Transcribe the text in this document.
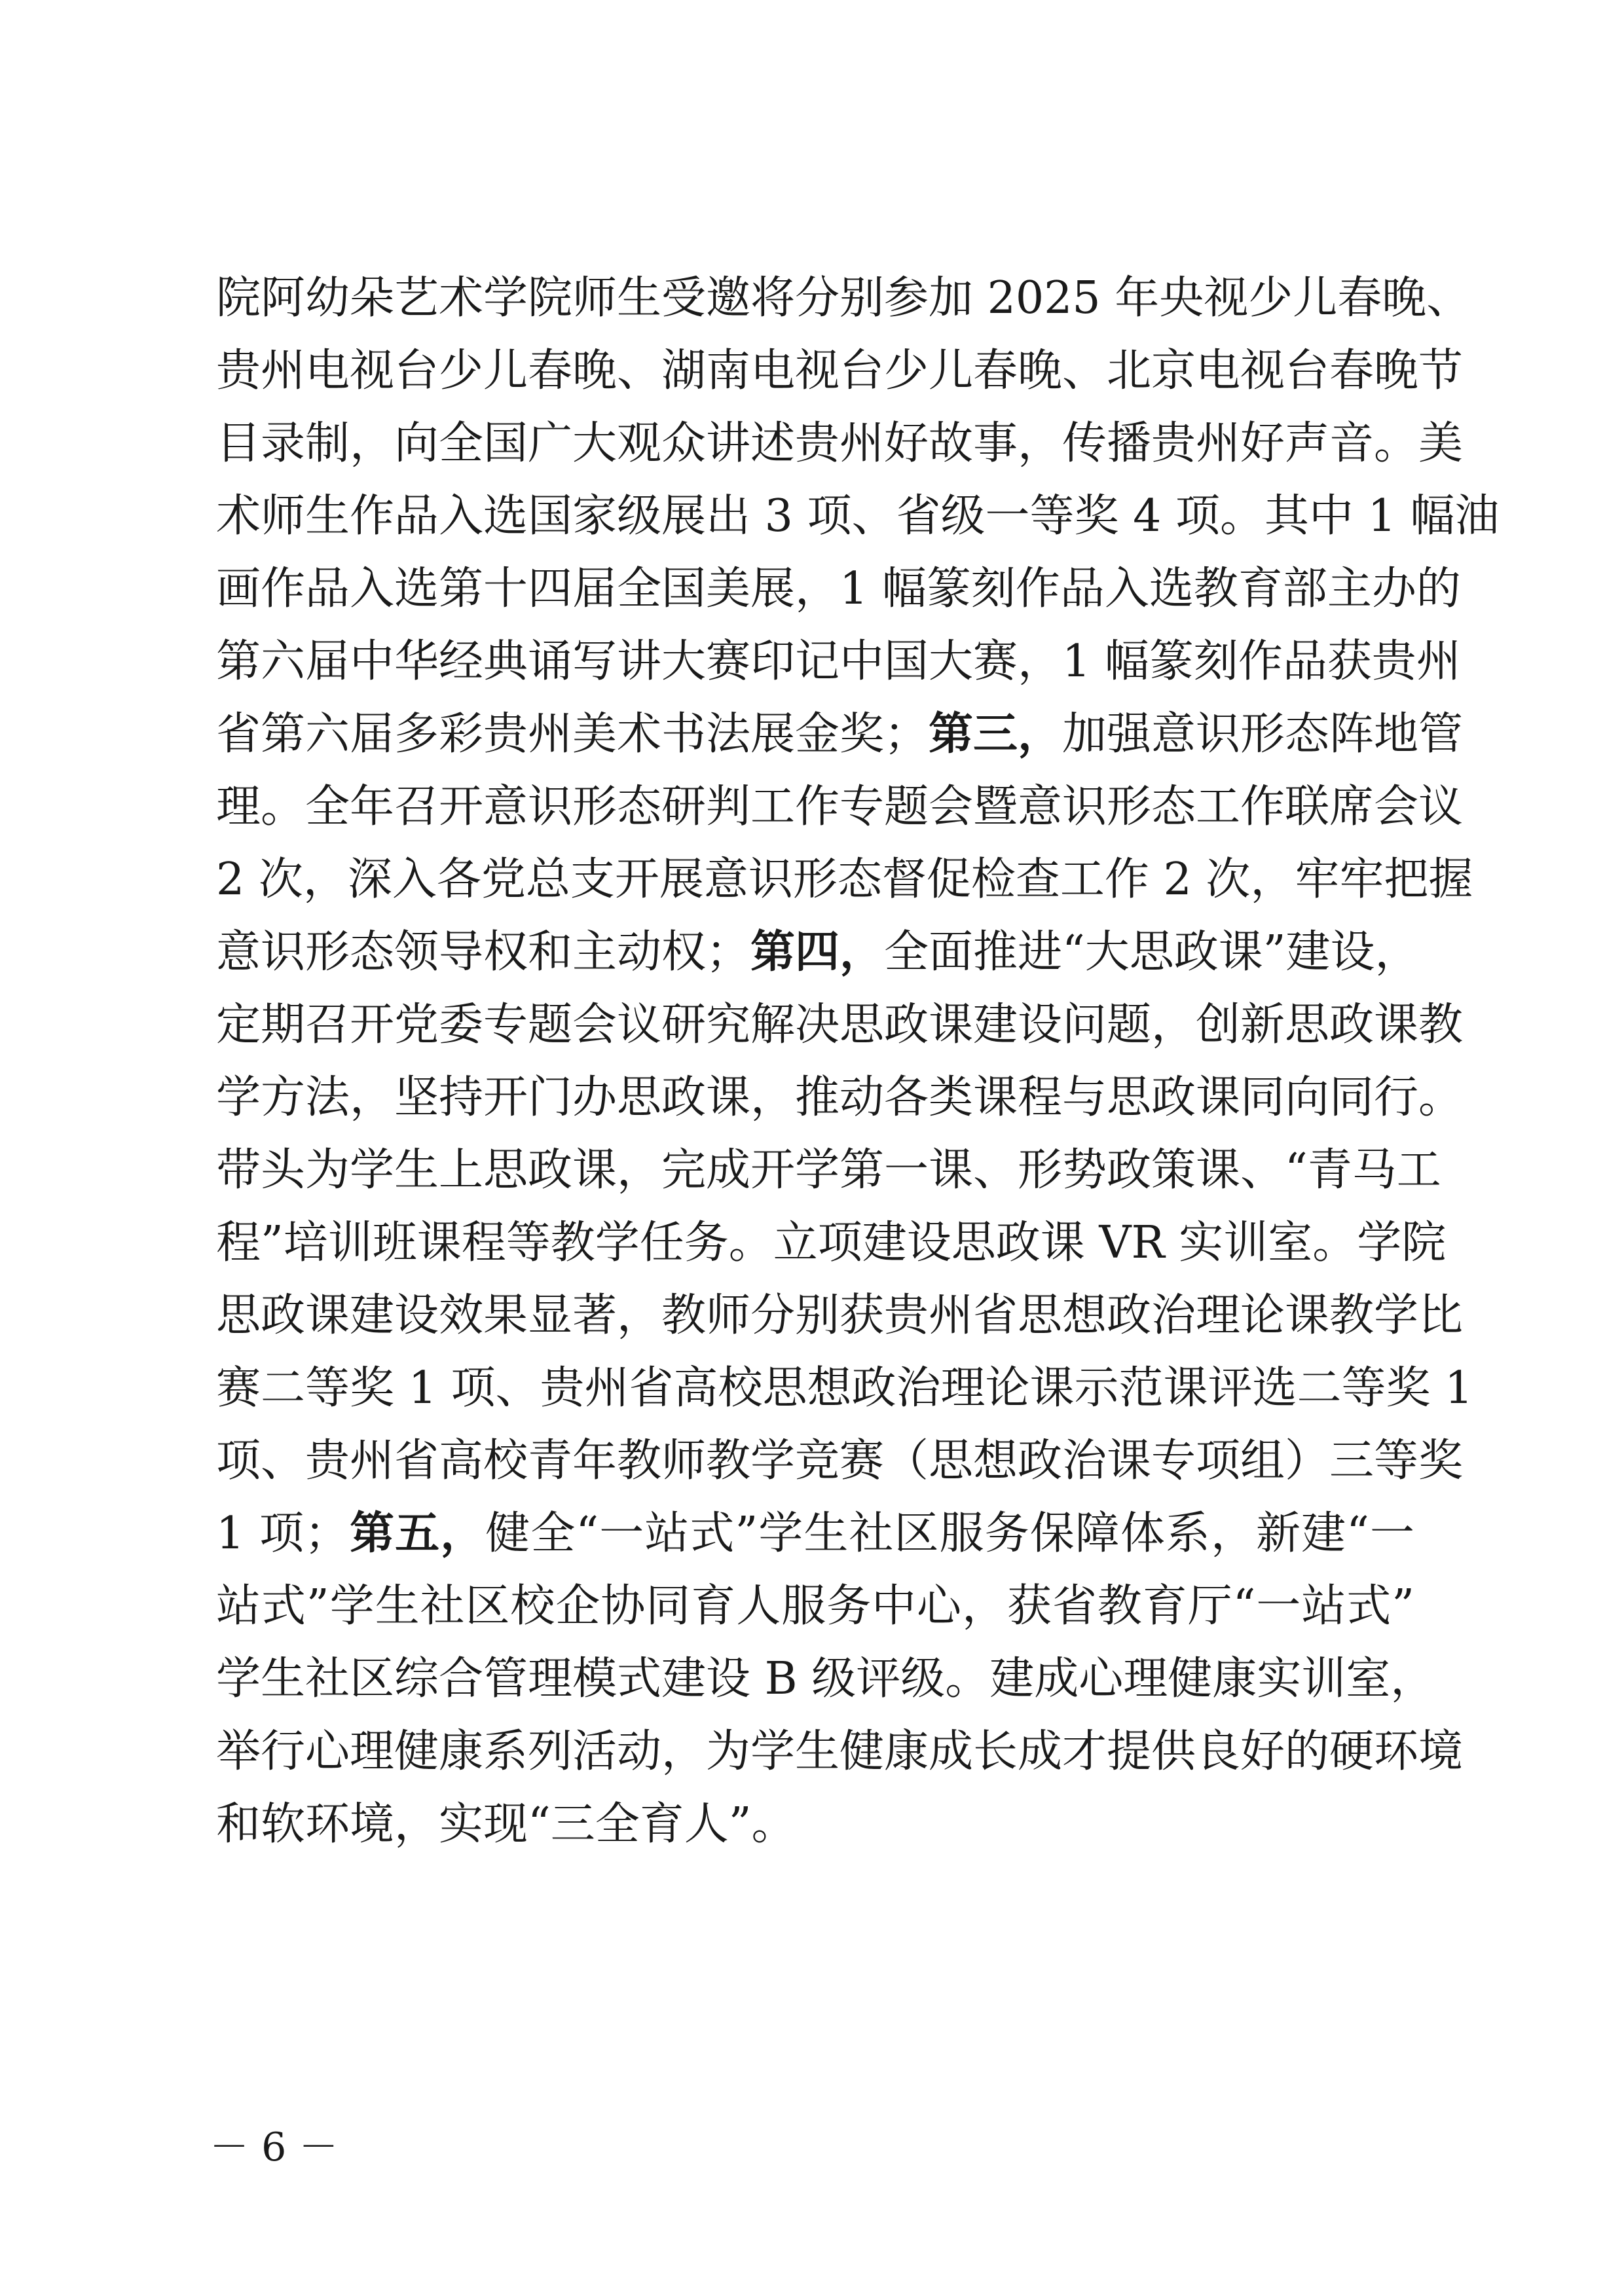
院阿幼朵艺术学院师生受邀将分别参加 2025 年央视少儿春晚、
贵州电视台少儿春晚、湖南电视台少儿春晚、北京电视台春晚节
目录制，向全国广大观众讲述贵州好故事，传播贵州好声音。美
术师生作品入选国家级展出 3 项、省级一等奖 4 项。其中 1 幅油
画作品入选第十四届全国美展，1 幅篆刻作品入选教育部主办的
第六届中华经典诵写讲大赛印记中国大赛，1 幅篆刻作品获贵州
省第六届多彩贵州美术书法展金奖；第三，加强意识形态阵地管
理。全年召开意识形态研判工作专题会暨意识形态工作联席会议
2 次，深入各党总支开展意识形态督促检查工作 2 次，牢牢把握
意识形态领导权和主动权；第四，全面推进“大思政课”建设，
定期召开党委专题会议研究解决思政课建设问题，创新思政课教
学方法，坚持开门办思政课，推动各类课程与思政课同向同行。
带头为学生上思政课，完成开学第一课、形势政策课、“青马工
程”培训班课程等教学任务。立项建设思政课 VR 实训室。学院
思政课建设效果显著，教师分别获贵州省思想政治理论课教学比
赛二等奖 1 项、贵州省高校思想政治理论课示范课评选二等奖 1
项、贵州省高校青年教师教学竞赛（思想政治课专项组）三等奖
1 项；第五，健全“一站式”学生社区服务保障体系，新建“一
站式”学生社区校企协同育人服务中心，获省教育厅“一站式”
学生社区综合管理模式建设 B 级评级。建成心理健康实训室，
举行心理健康系列活动，为学生健康成长成才提供良好的硬环境
和软环境，实现“三全育人”。
－ 6 －
